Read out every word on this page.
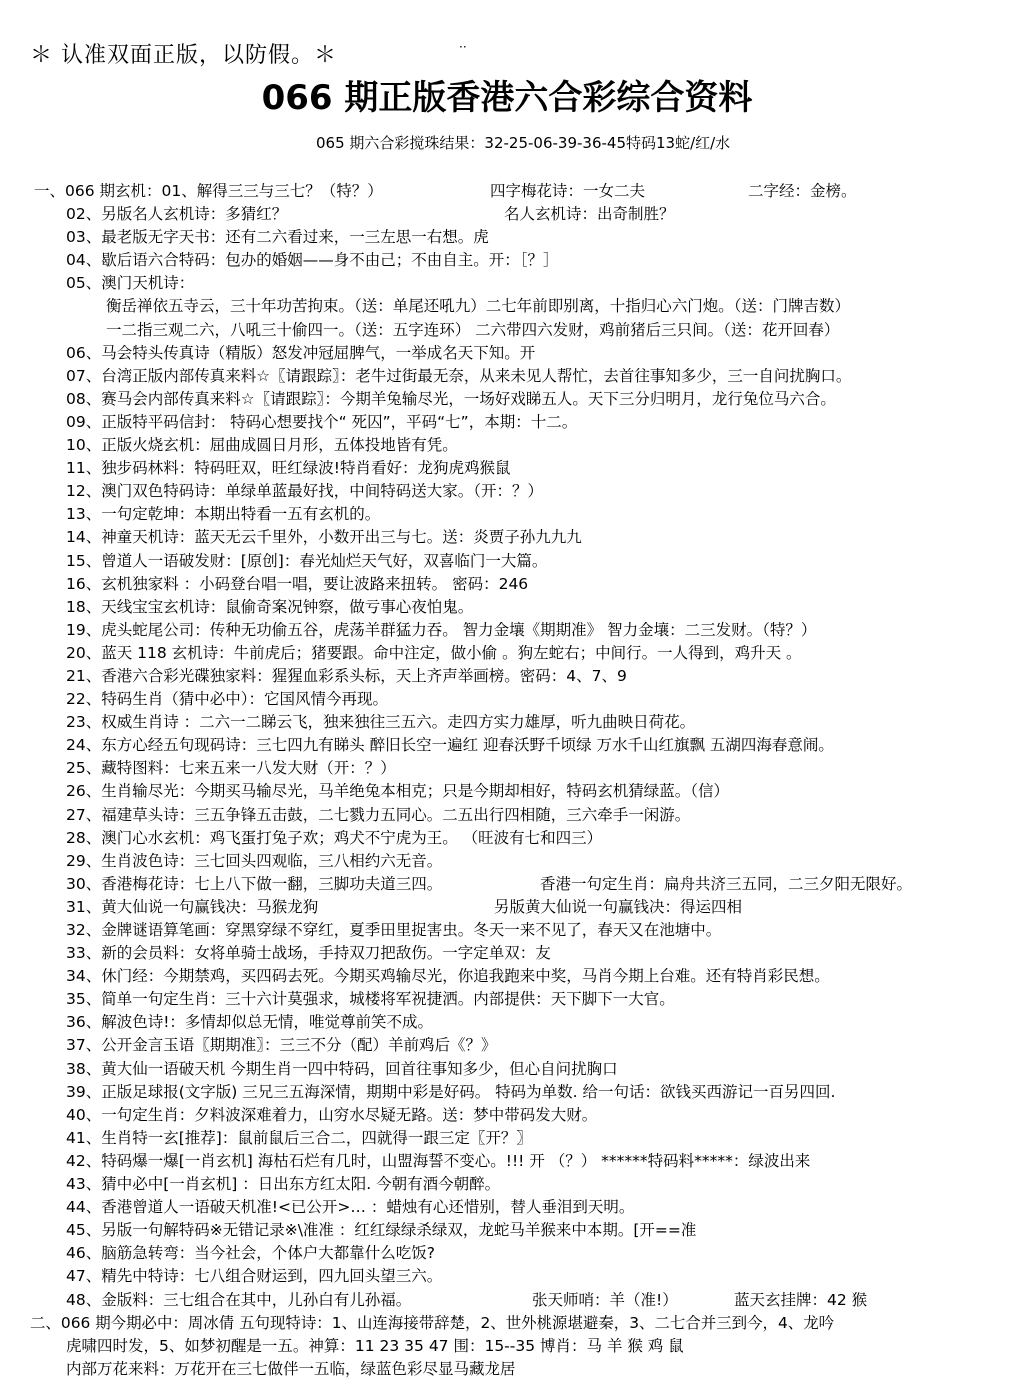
＊ 认准双面正版，以防假。＊	··
066 期正版香港六合彩综合资料
065 期六合彩搅珠结果：32-25-06-39-36-45特码13蛇/红/水
一、066 期玄机：01、解得三三与三七？（特？）	四字梅花诗：一女二夫	二字经：金榜。
02、另版名人玄机诗：多猜红？	名人玄机诗：出奇制胜？
03、最老版无字天书：还有二六看过来，一三左思一右想。虎
04、歇后语六合特码：包办的婚姻——身不由己；不由自主。开：［？］
05、澳门天机诗：
衡岳禅依五寺云，三十年功苦拘束。（送：单尾还吼九）二七年前即别离，十指归心六门炮。（送：门牌吉数）
一二指三观二六，八吼三十偷四一。（送：五字连环） 二六带四六发财，鸡前猪后三只间。（送：花开回春）
06、马会特头传真诗（精版）怒发冲冠屈脾气，一举成名天下知。开
07、台湾正版内部传真来料☆〖请跟踪〗：老牛过街最无奈，从来未见人帮忙，去首往事知多少，三一自问扰胸口。
08、赛马会内部传真来料☆〖请跟踪〗：今期羊兔输尽光，一场好戏睇五人。天下三分归明月，龙行兔位马六合。
09、正版特平码信封： 特码心想要找个“ 死囚”，平码“七”，本期：十二。
10、正版火烧玄机：屈曲成圆日月形，五体投地皆有凭。
11、独步码林料：特码旺双，旺红绿波!特肖看好：龙狗虎鸡猴鼠
12、澳门双色特码诗：单绿单蓝最好找，中间特码送大家。（开：？）
13、一句定乾坤：本期出特看一五有玄机的。
14、神童天机诗：蓝天无云千里外，小数开出三与七。送：炎贾子孙九九九
15、曾道人一语破发财：[原创]：春光灿烂天气好，双喜临门一大篇。
16、玄机独家料 ：小码登台唱一唱，要让波路来扭转。 密码：246
18、天线宝宝玄机诗：鼠偷奇案况钟察，做亏事心夜怕鬼。
19、虎头蛇尾公司：传种无功偷五谷，虎荡羊群猛力吞。 智力金壤《期期准》 智力金壤：二三发财。（特？）
20、蓝天 118 玄机诗：牛前虎后；猪要跟。命中注定，做小偷 。狗左蛇右；中间行。一人得到，鸡升天 。
21、香港六合彩光碟独家料：猩猩血彩系头标，天上齐声举画榜。密码：4、7、9
22、特码生肖（猜中必中）：它国风情今再现。
23、权威生肖诗 ：二六一二睇云飞，独来独往三五六。走四方实力雄厚，听九曲映日荷花。
24、东方心经五句现码诗：三七四九有睇头 醉旧长空一遍红 迎春沃野千顷绿 万水千山红旗飘 五湖四海春意闹。
25、藏特图料：七来五来一八发大财（开：？）
26、生肖输尽光：今期买马输尽光，马羊绝兔本相克；只是今期却相好，特码玄机猜绿蓝。（信）
27、福建草头诗：三五争锋五击鼓，二七戮力五同心。二五出行四相随，三六牵手一闲游。
28、澳门心水玄机：鸡飞蛋打兔子欢；鸡犬不宁虎为王。 （旺波有七和四三）
29、生肖波色诗：三七回头四观临，三八相约六无音。
30、香港梅花诗：七上八下做一翻，三脚功夫道三四。	香港一句定生肖：扁舟共济三五同，二三夕阳无限好。
31、黄大仙说一句赢钱决：马猴龙狗	另版黄大仙说一句赢钱决：得运四相
32、金牌谜语算笔画：穿黑穿绿不穿红，夏季田里捉害虫。冬天一来不见了，春天又在池塘中。
33、新的会员料：女将单骑士战场，手持双刀把敌伤。一字定单双：友
34、休门经：今期禁鸡，买四码去死。今期买鸡输尽光，你追我跑来中奖，马肖今期上台难。还有特肖彩民想。
35、简单一句定生肖：三十六计莫强求，城楼将军祝捷洒。内部提供：天下脚下一大官。
36、解波色诗!：多情却似总无情，唯觉尊前笑不成。
37、公开金言玉语〖期期准〗：三三不分（配）羊前鸡后《？》
38、黄大仙一语破天机 今期生肖一四中特码，回首往事知多少，但心自问扰胸口
39、正版足球报(文字版) 三兄三五海深情，期期中彩是好码。 特码为单数. 给一句话：欲钱买西游记一百另四回.
40、一句定生肖：夕料波深难着力，山穷水尽疑无路。送：梦中带码发大财。
41、生肖特一玄[推荐]：鼠前鼠后三合二，四就得一跟三定〖开？〗
42、特码爆一爆[一肖玄机] 海枯石烂有几时，山盟海誓不变心。!!! 开 （？） ******特码料*****：绿波出来
43、猜中必中[一肖玄机] ：日出东方红太阳. 今朝有酒今朝醉。
44、香港曾道人一语破天机准!<已公开>… ：蜡烛有心还惜别，替人垂泪到天明。
45、另版一句解特码※无错记录※\准准 ：红红绿绿杀绿双，龙蛇马羊猴来中本期。[开==准
46、脑筋急转弯：当今社会，个体户大都靠什么吃饭?
47、精先中特诗：七八组合财运到，四九回头望三六。
48、金版料：三七组合在其中，儿孙白有儿孙福。	张天师哨：羊（准!）	蓝天玄挂牌：42 猴
二、066 期今期必中：周冰倩 五句现特诗：1、山连海接带辞楚，2、世外桃源堪避秦，3、二七合并三到今，4、龙吟
虎啸四时发，5、如梦初醒是一五。神算：11 23 35 47 围：15--35 博肖：马 羊 猴 鸡 鼠
内部万花来料：万花开在三七做伴一五临，绿蓝色彩尽显马藏龙居
